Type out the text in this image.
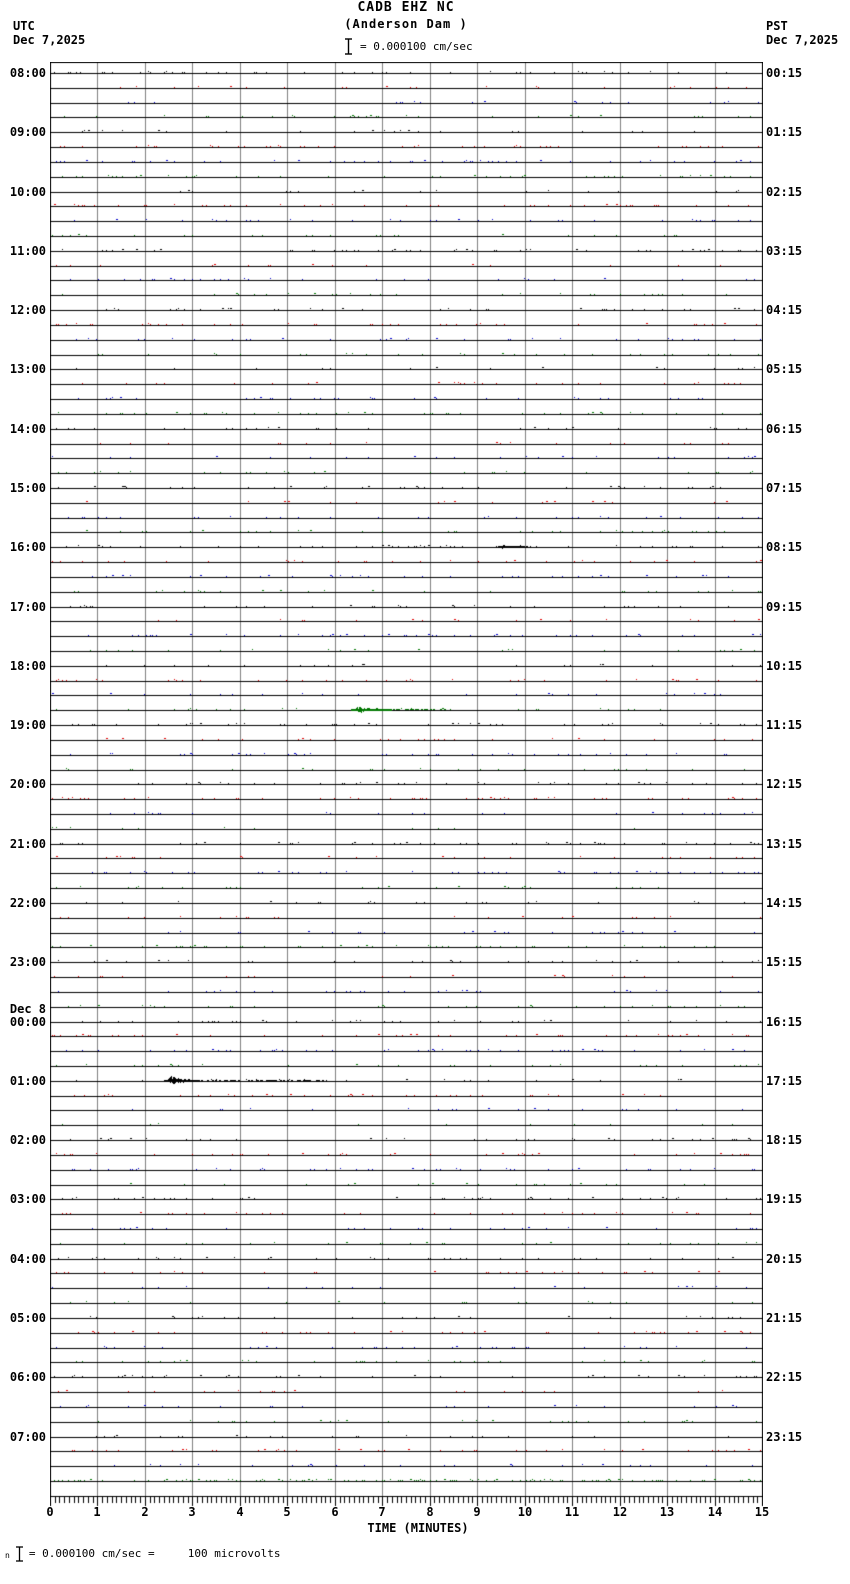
UTC
Dec 7,2025
PST
Dec 7,2025
CADB EHZ NC
(Anderson Dam )
= 0.000100 cm/sec
08:00
09:00
10:00
11:00
12:00
13:00
14:00
15:00
16:00
17:00
18:00
19:00
20:00
21:00
22:00
23:00
Dec 8
00:00
01:00
02:00
03:00
04:00
05:00
06:00
07:00
00:15
01:15
02:15
03:15
04:15
05:15
06:15
07:15
08:15
09:15
10:15
11:15
12:15
13:15
14:15
15:15
16:15
17:15
18:15
19:15
20:15
21:15
22:15
23:15
0	1	2	3	4	5	6	7	8	9	10	11	12	13	14	15
TIME (MINUTES)
n = 0.000100 cm/sec =     100 microvolts
